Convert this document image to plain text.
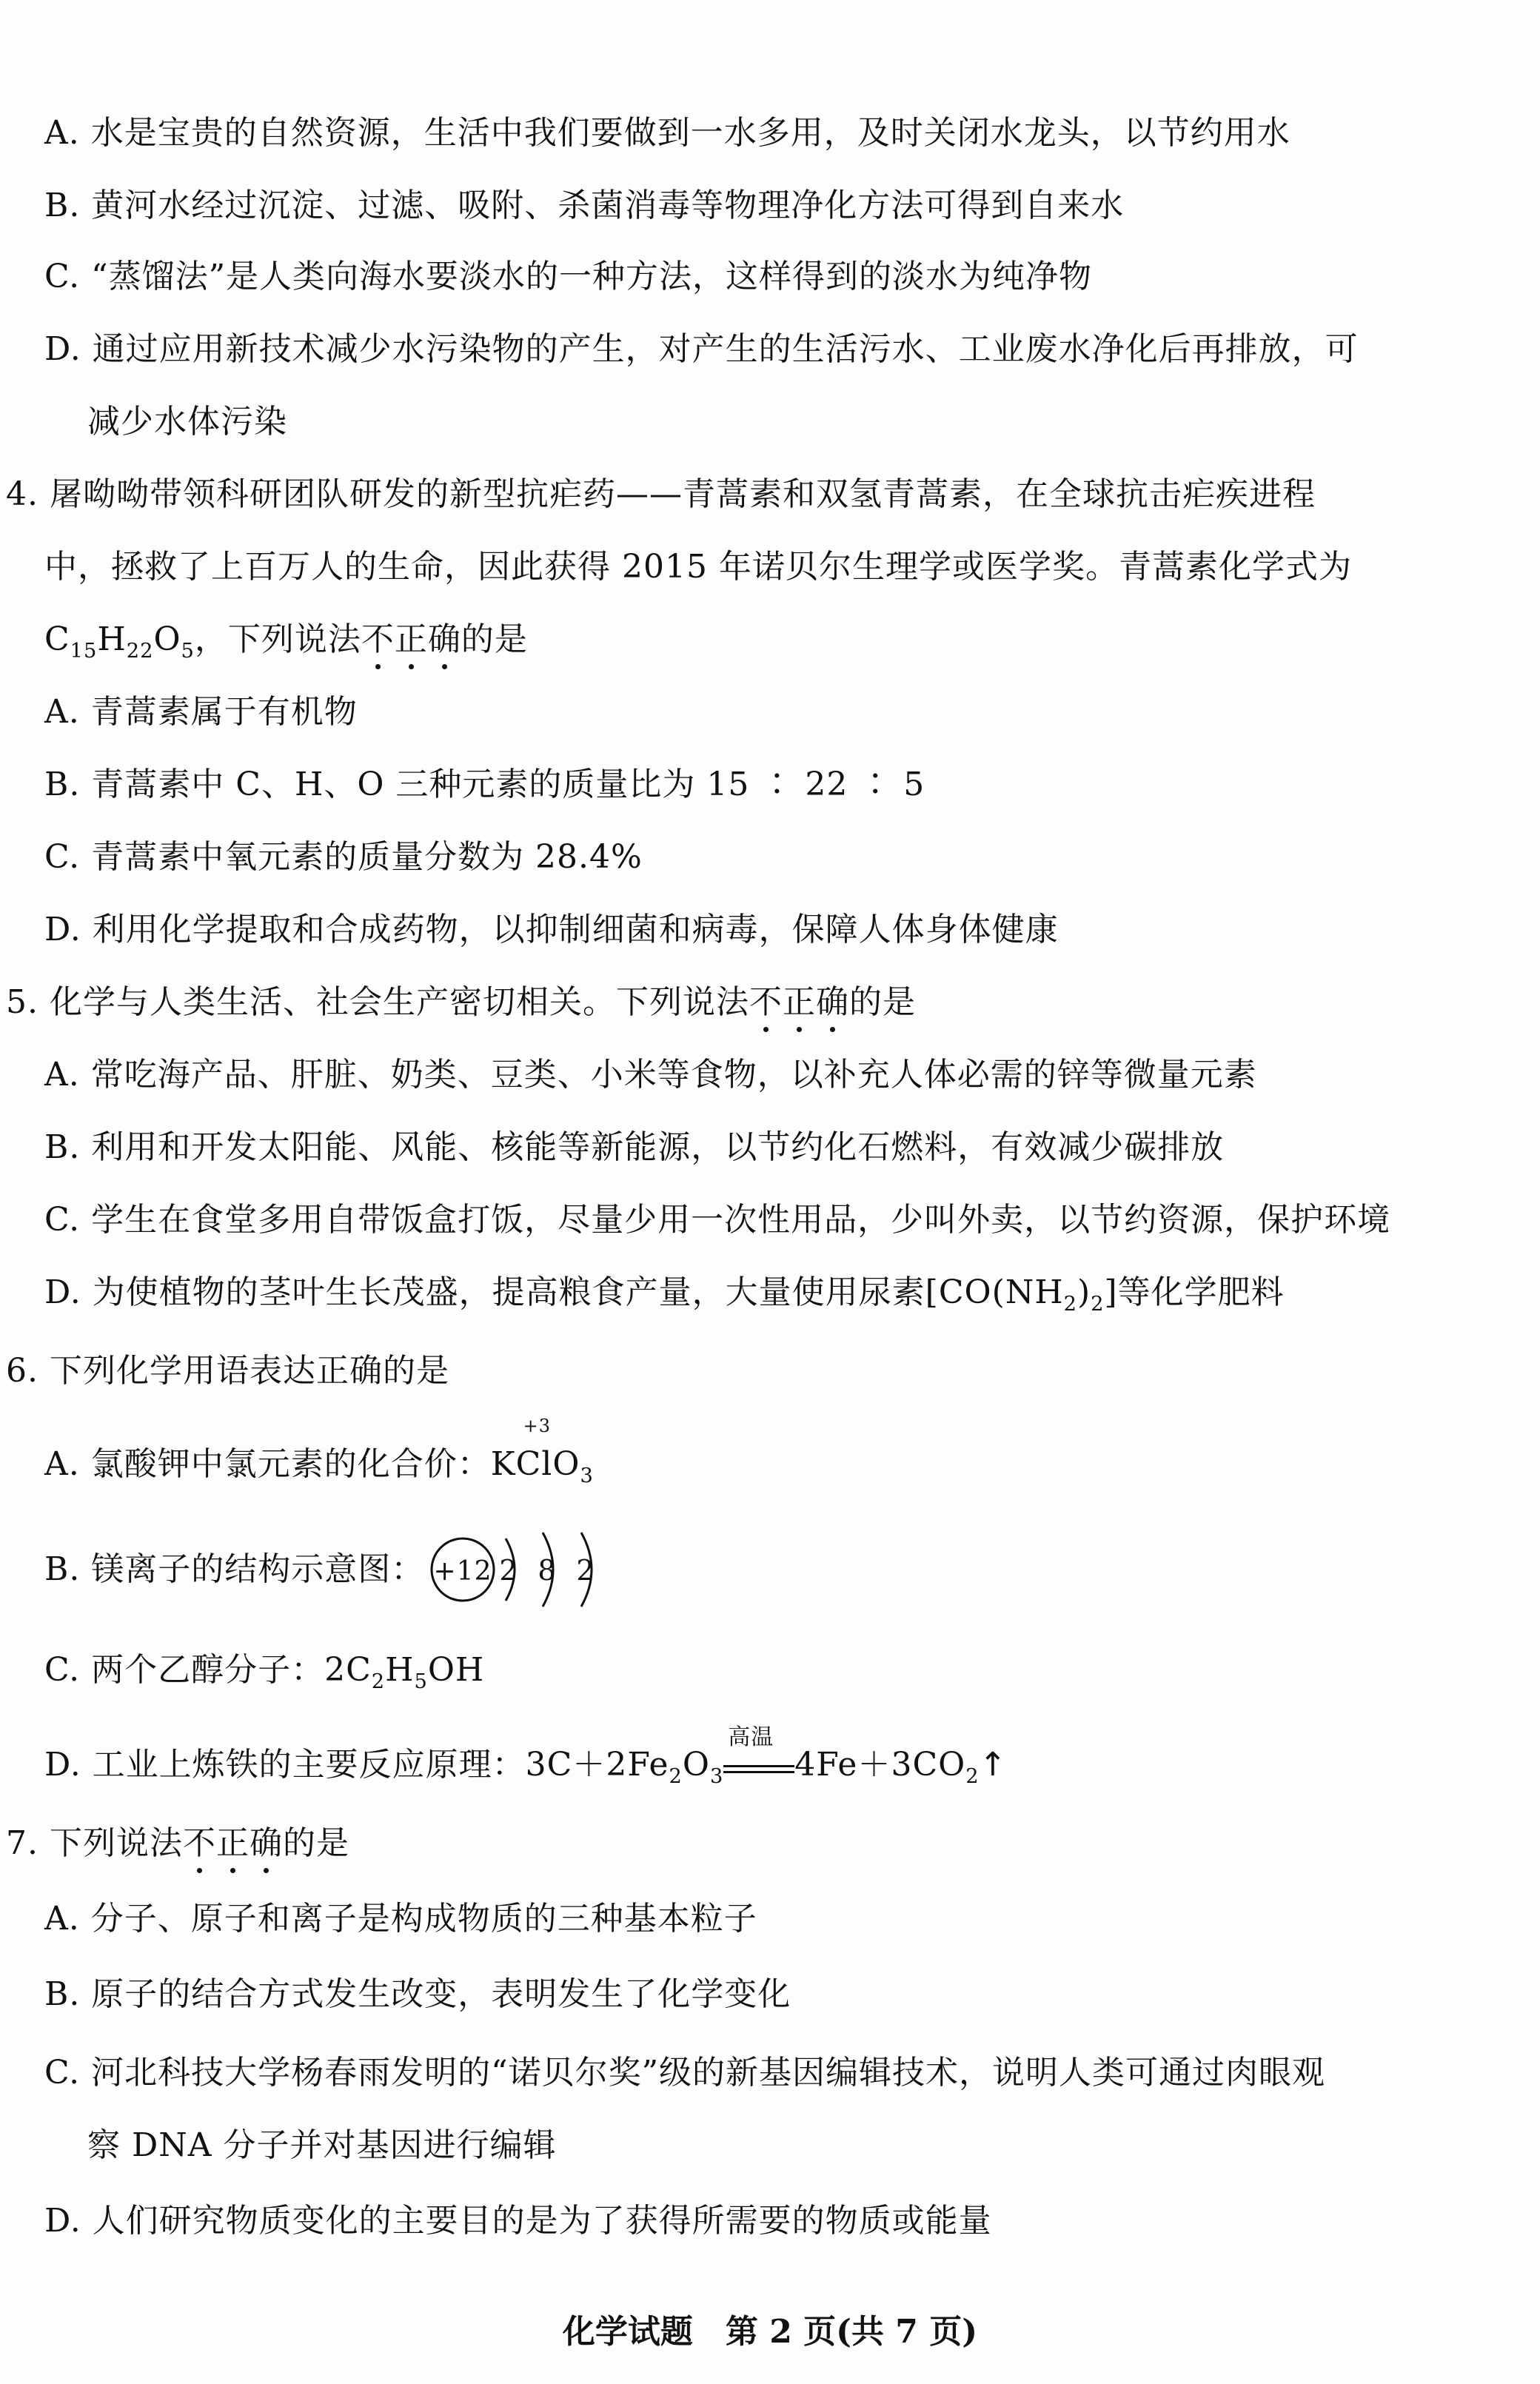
A. 水是宝贵的自然资源，生活中我们要做到一水多用，及时关闭水龙头，以节约用水
B. 黄河水经过沉淀、过滤、吸附、杀菌消毒等物理净化方法可得到自来水
C. “蒸馏法”是人类向海水要淡水的一种方法，这样得到的淡水为纯净物
D. 通过应用新技术减少水污染物的产生，对产生的生活污水、工业废水净化后再排放，可
减少水体污染
4. 屠呦呦带领科研团队研发的新型抗疟药——青蒿素和双氢青蒿素，在全球抗击疟疾进程
中，拯救了上百万人的生命，因此获得 2015 年诺贝尔生理学或医学奖。青蒿素化学式为
$C_{15}H_{22}O_5$，下列说法不正确的是
A. 青蒿素属于有机物
B. 青蒿素中 C、H、O 三种元素的质量比为 15 ∶ 22 ∶ 5
C. 青蒿素中氧元素的质量分数为 28.4%
D. 利用化学提取和合成药物，以抑制细菌和病毒，保障人体身体健康
5. 化学与人类生活、社会生产密切相关。下列说法不正确的是
A. 常吃海产品、肝脏、奶类、豆类、小米等食物，以补充人体必需的锌等微量元素
B. 利用和开发太阳能、风能、核能等新能源，以节约化石燃料，有效减少碳排放
C. 学生在食堂多用自带饭盒打饭，尽量少用一次性用品，少叫外卖，以节约资源，保护环境
D. 为使植物的茎叶生长茂盛，提高粮食产量，大量使用尿素$[CO(NH_2)_2]$等化学肥料
6. 下列化学用语表达正确的是
A. 氯酸钾中氯元素的化合价：K
+3
ClO$_3$
B. 镁离子的结构示意图： +12 2 8 2
C. 两个乙醇分子：$2C_2H_5OH$
D. 工业上炼铁的主要反应原理：$3C+2Fe_2O_3$
高温
$4Fe+3CO_2↑$
7. 下列说法不正确的是
A. 分子、原子和离子是构成物质的三种基本粒子
B. 原子的结合方式发生改变，表明发生了化学变化
C. 河北科技大学杨春雨发明的“诺贝尔奖”级的新基因编辑技术，说明人类可通过肉眼观
察 DNA 分子并对基因进行编辑
D. 人们研究物质变化的主要目的是为了获得所需要的物质或能量
化学试题　第 2 页(共 7 页)
